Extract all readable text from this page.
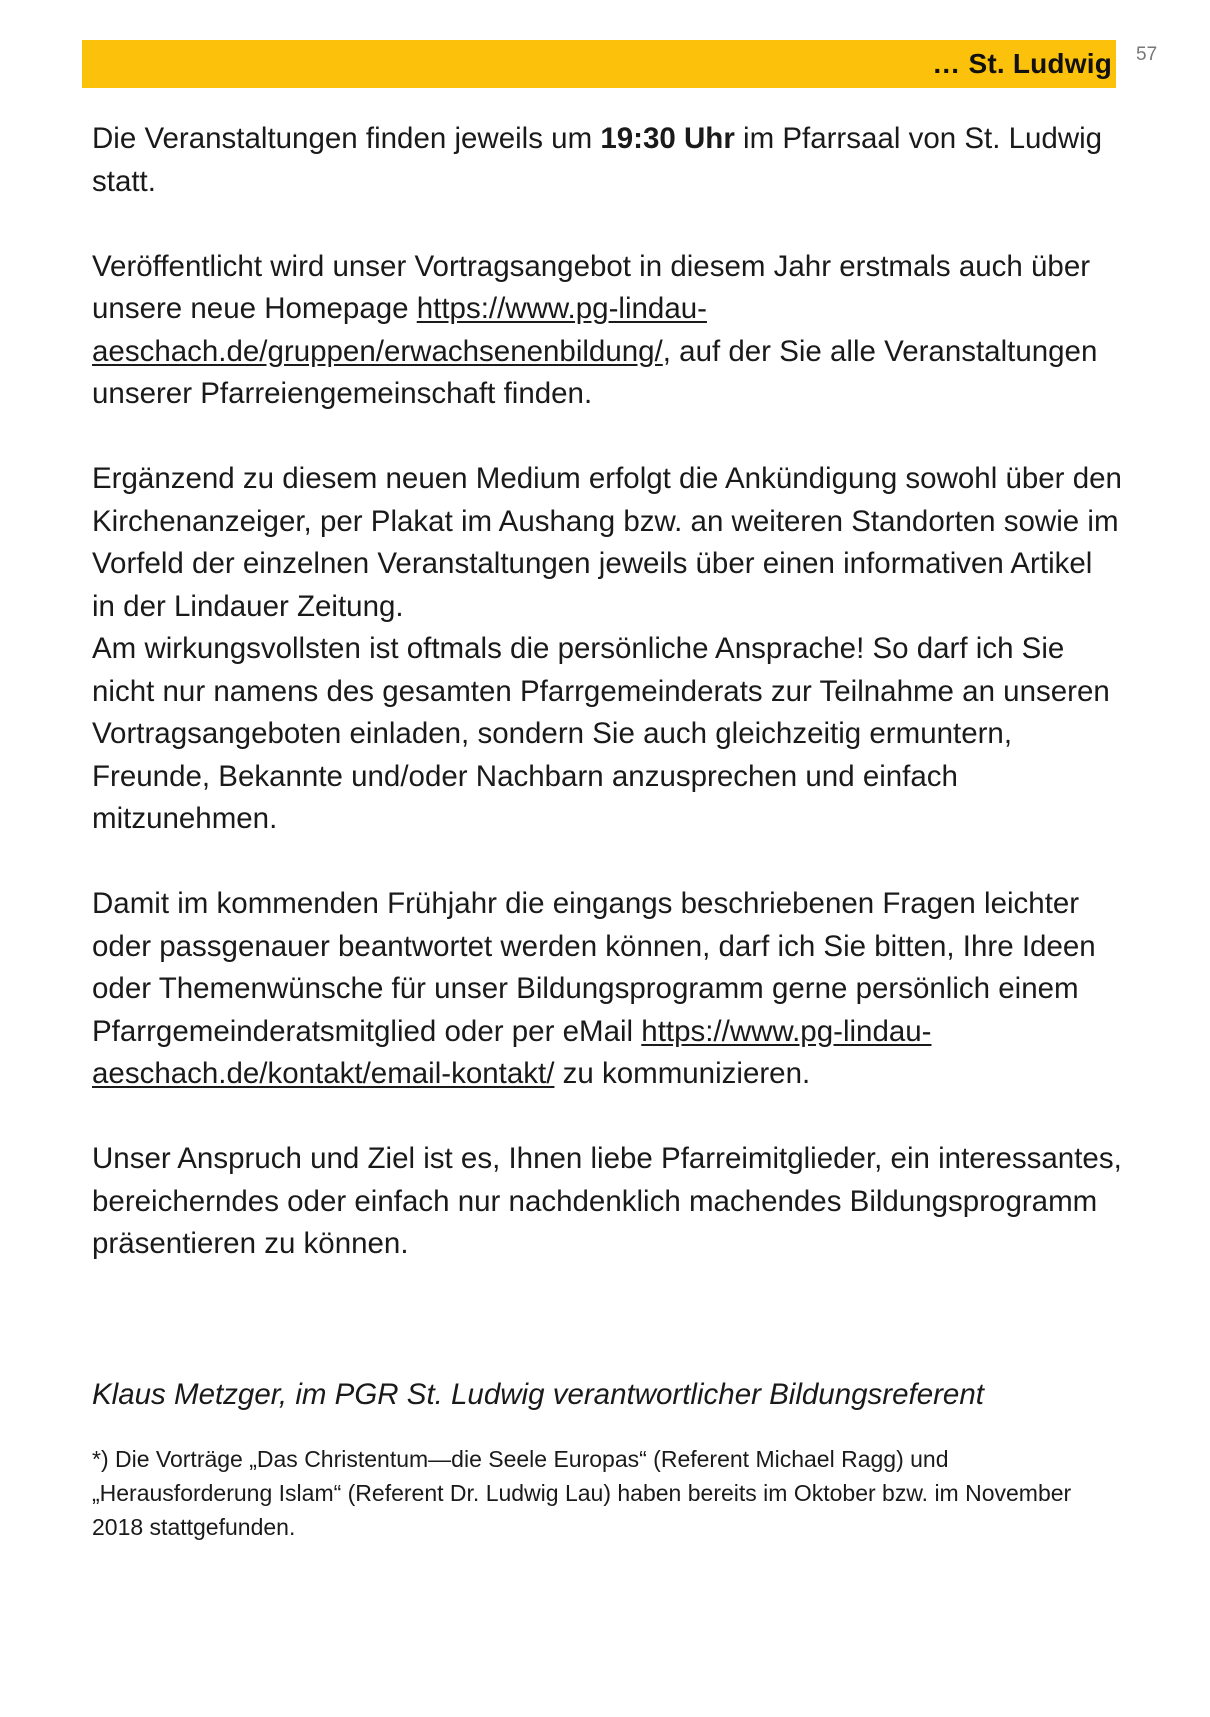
… St. Ludwig 57

Die Veranstaltungen finden jeweils um 19:30 Uhr im Pfarrsaal von St. Ludwig statt.

Veröffentlicht wird unser Vortragsangebot in diesem Jahr erstmals auch über unsere neue Homepage https://www.pg-lindau-aeschach.de/gruppen/erwachsenenbildung/, auf der Sie alle Veranstaltungen unserer Pfarreiengemeinschaft finden.

Ergänzend zu diesem neuen Medium erfolgt die Ankündigung sowohl über den Kirchenanzeiger, per Plakat im Aushang bzw. an weiteren Standorten sowie im Vorfeld der einzelnen Veranstaltungen jeweils über einen informativen Artikel in der Lindauer Zeitung.

Am wirkungsvollsten ist oftmals die persönliche Ansprache! So darf ich Sie nicht nur namens des gesamten Pfarrgemeinderats zur Teilnahme an unseren Vortragsangeboten einladen, sondern Sie auch gleichzeitig ermuntern, Freunde, Bekannte und/oder Nachbarn anzusprechen und einfach mitzunehmen.

Damit im kommenden Frühjahr die eingangs beschriebenen Fragen leichter oder passgenauer beantwortet werden können, darf ich Sie bitten, Ihre Ideen oder Themenwünsche für unser Bildungsprogramm gerne persönlich einem Pfarrgemeinderatsmitglied oder per eMail https://www.pg-lindau-aeschach.de/kontakt/email-kontakt/ zu kommunizieren.

Unser Anspruch und Ziel ist es, Ihnen liebe Pfarreimitglieder, ein interessantes, bereicherndes oder einfach nur nachdenklich machendes Bildungsprogramm präsentieren zu können.

Klaus Metzger, im PGR St. Ludwig verantwortlicher Bildungsreferent
*) Die Vorträge „Das Christentum—die Seele Europas“ (Referent Michael Ragg) und „Herausforderung Islam“ (Referent Dr. Ludwig Lau) haben bereits im Oktober bzw. im November 2018 stattgefunden.
